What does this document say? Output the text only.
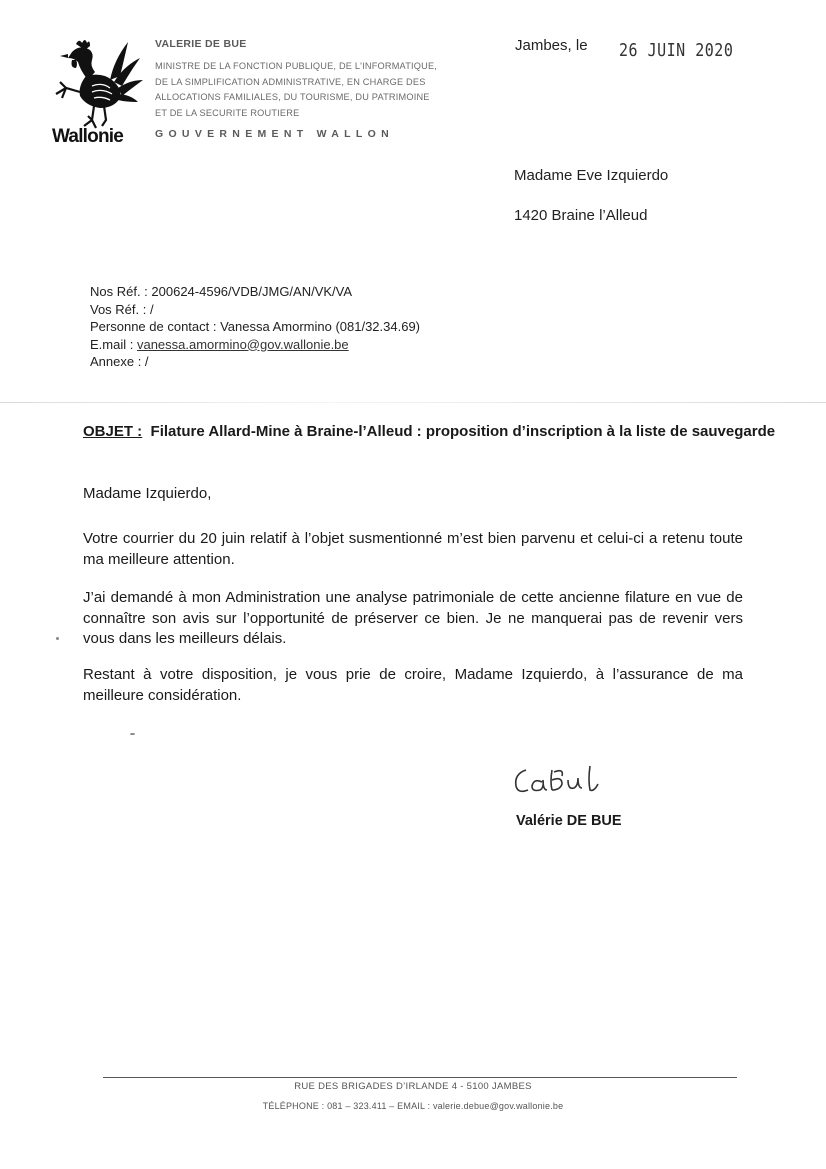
Wallonie
VALERIE DE BUE
MINISTRE DE LA FONCTION PUBLIQUE, DE L'INFORMATIQUE,
DE LA SIMPLIFICATION ADMINISTRATIVE, EN CHARGE DES
ALLOCATIONS FAMILIALES, DU TOURISME, DU PATRIMOINE
ET DE LA SECURITE ROUTIERE
GOUVERNEMENT WALLON
Jambes, le 26 JUIN 2020
Madame Eve Izquierdo
1420 Braine l’Alleud
Nos Réf. : 200624-4596/VDB/JMG/AN/VK/VA
Vos Réf. : /
Personne de contact : Vanessa Amormino (081/32.34.69)
E.mail : vanessa.amormino@gov.wallonie.be
Annexe : /
OBJET : Filature Allard-Mine à Braine-l’Alleud : proposition d’inscription à la liste de sauvegarde
Madame Izquierdo,
Votre courrier du 20 juin relatif à l’objet susmentionné m’est bien parvenu et celui-ci a retenu toute ma meilleure attention.
J’ai demandé à mon Administration une analyse patrimoniale de cette ancienne filature en vue de connaître son avis sur l’opportunité de préserver ce bien. Je ne manquerai pas de revenir vers vous dans les meilleurs délais.
Restant à votre disposition, je vous prie de croire, Madame Izquierdo, à l’assurance de ma meilleure considération.
Valérie DE BUE
RUE DES BRIGADES D’IRLANDE 4 - 5100 JAMBES
TÉLÉPHONE : 081 – 323.411 – EMAIL : valerie.debue@gov.wallonie.be
